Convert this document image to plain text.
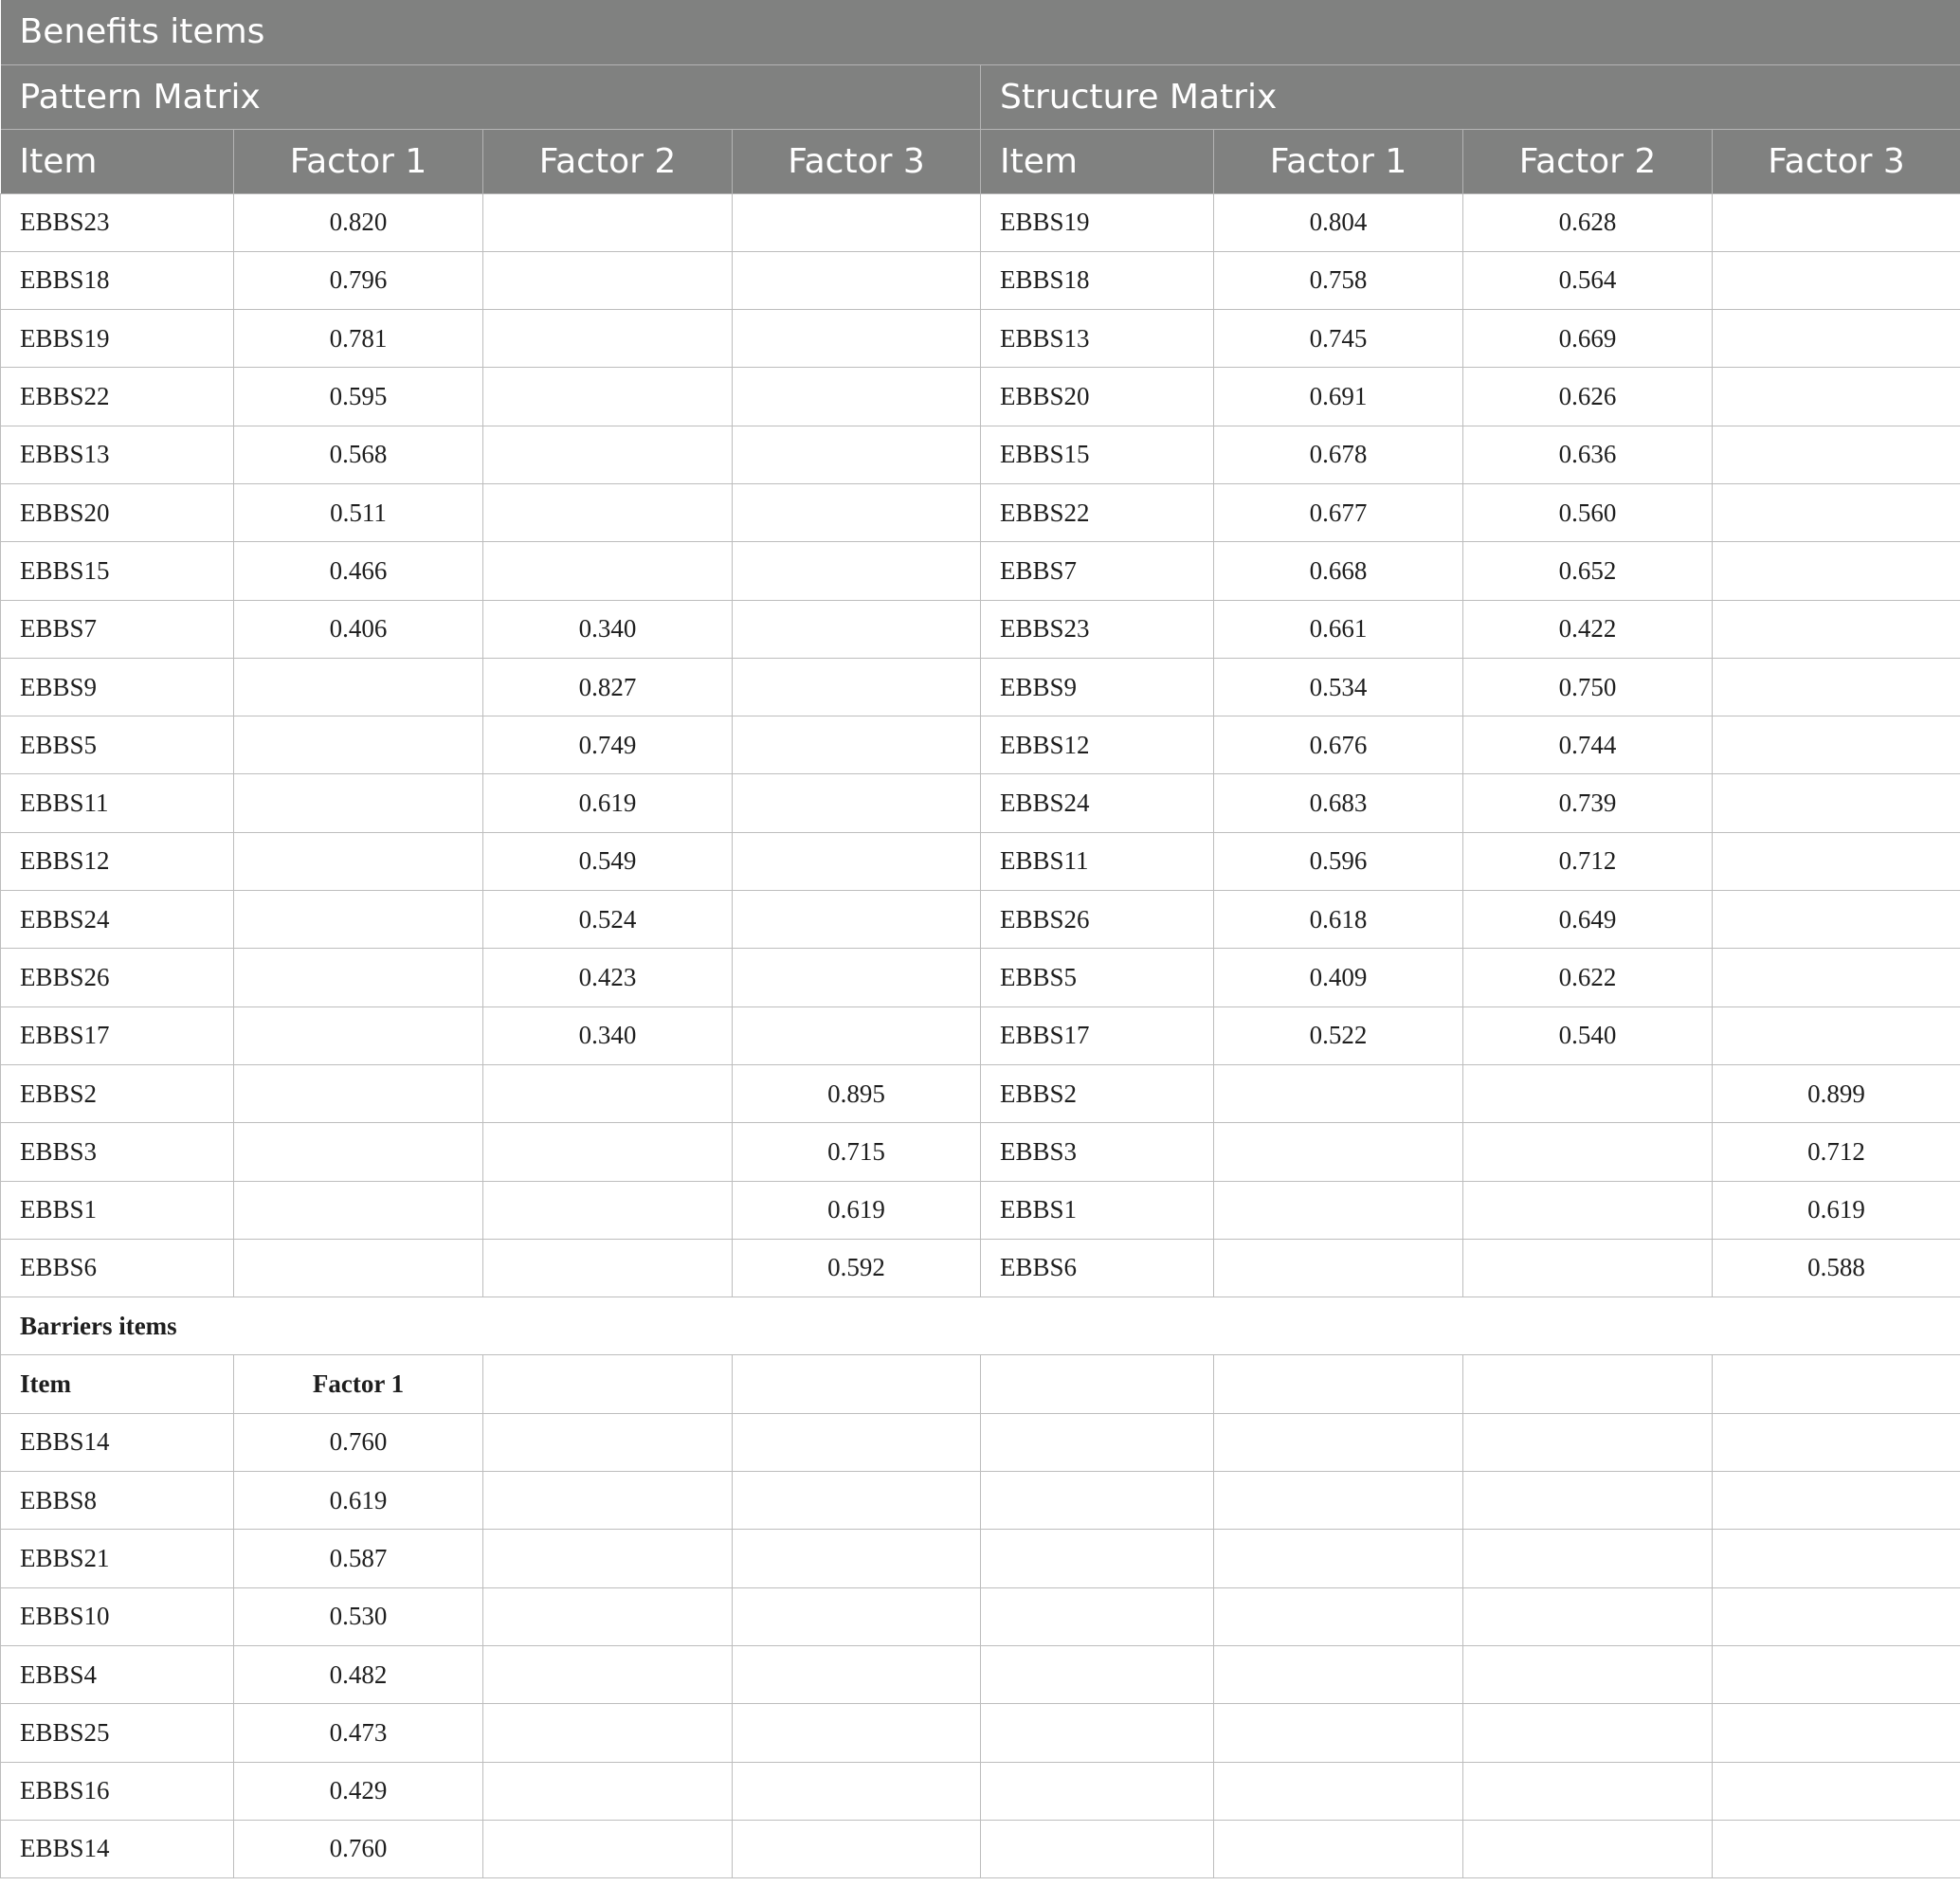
Benefits items							
Pattern Matrix				Structure Matrix			
Item	Factor 1	Factor 2	Factor 3	Item	Factor 1	Factor 2	Factor 3
EBBS23	0.820			EBBS19	0.804	0.628	
EBBS18	0.796			EBBS18	0.758	0.564	
EBBS19	0.781			EBBS13	0.745	0.669	
EBBS22	0.595			EBBS20	0.691	0.626	
EBBS13	0.568			EBBS15	0.678	0.636	
EBBS20	0.511			EBBS22	0.677	0.560	
EBBS15	0.466			EBBS7	0.668	0.652	
EBBS7	0.406	0.340		EBBS23	0.661	0.422	
EBBS9		0.827		EBBS9	0.534	0.750	
EBBS5		0.749		EBBS12	0.676	0.744	
EBBS11		0.619		EBBS24	0.683	0.739	
EBBS12		0.549		EBBS11	0.596	0.712	
EBBS24		0.524		EBBS26	0.618	0.649	
EBBS26		0.423		EBBS5	0.409	0.622	
EBBS17		0.340		EBBS17	0.522	0.540	
EBBS2			0.895	EBBS2			0.899
EBBS3			0.715	EBBS3			0.712
EBBS1			0.619	EBBS1			0.619
EBBS6			0.592	EBBS6			0.588
Barriers items							
Item	Factor 1						
EBBS14	0.760						
EBBS8	0.619						
EBBS21	0.587						
EBBS10	0.530						
EBBS4	0.482						
EBBS25	0.473						
EBBS16	0.429						
EBBS14	0.760						
